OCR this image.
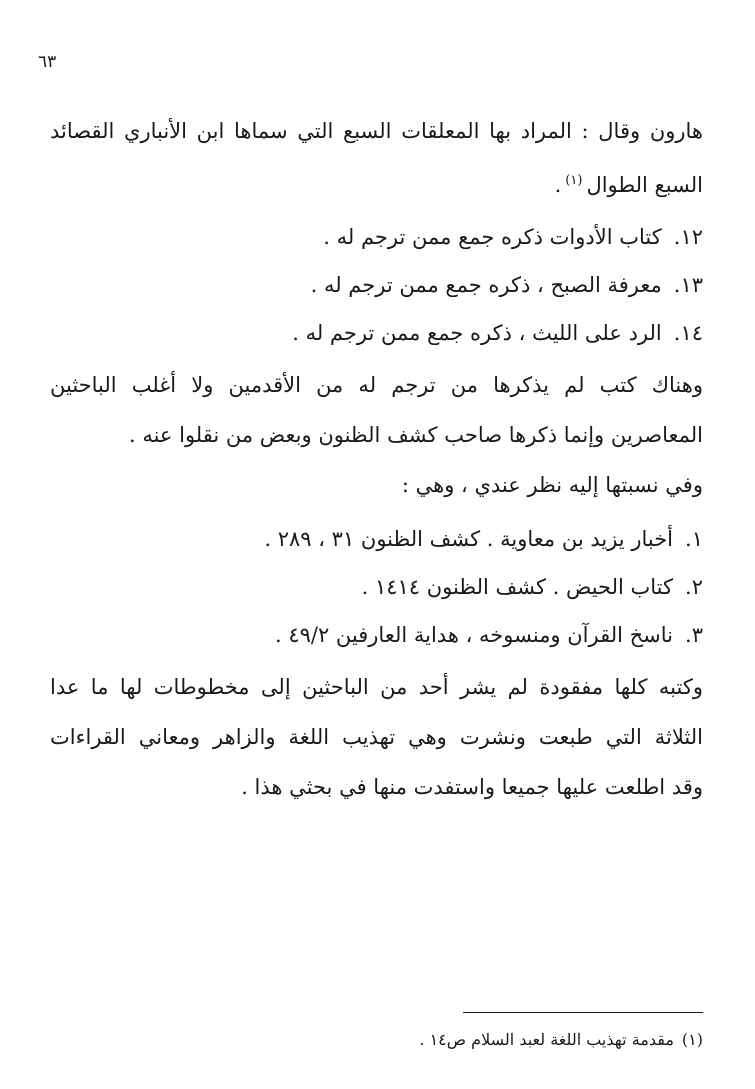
٦٣
هارون وقال : المراد بها المعلقات السبع التي سماها ابن الأنباري القصائد
السبع الطوال$^{(١)}$.
١٢.كتاب الأدوات ذكره جمع ممن ترجم له .
١٣.معرفة الصبح ، ذكره جمع ممن ترجم له .
١٤.الرد على الليث ، ذكره جمع ممن ترجم له .
وهناك كتب لم يذكرها من ترجم له من الأقدمين ولا أغلب الباحثين
المعاصرين وإنما ذكرها صاحب كشف الظنون وبعض من نقلوا عنه .
وفي نسبتها إليه نظر عندي ، وهي :
١.أخبار يزيد بن معاوية . كشف الظنون ٣١ ، ٢٨٩ .
٢.كتاب الحيض . كشف الظنون ١٤١٤ .
٣.ناسخ القرآن ومنسوخه ، هداية العارفين ٤٩/٢ .
وكتبه كلها مفقودة لم يشر أحد من الباحثين إلى مخطوطات لها ما عدا
الثلاثة التي طبعت ونشرت وهي تهذيب اللغة والزاهر ومعاني القراءات
وقد اطلعت عليها جميعا واستفدت منها في بحثي هذا .
(١)مقدمة تهذيب اللغة لعبد السلام ص١٤ .
